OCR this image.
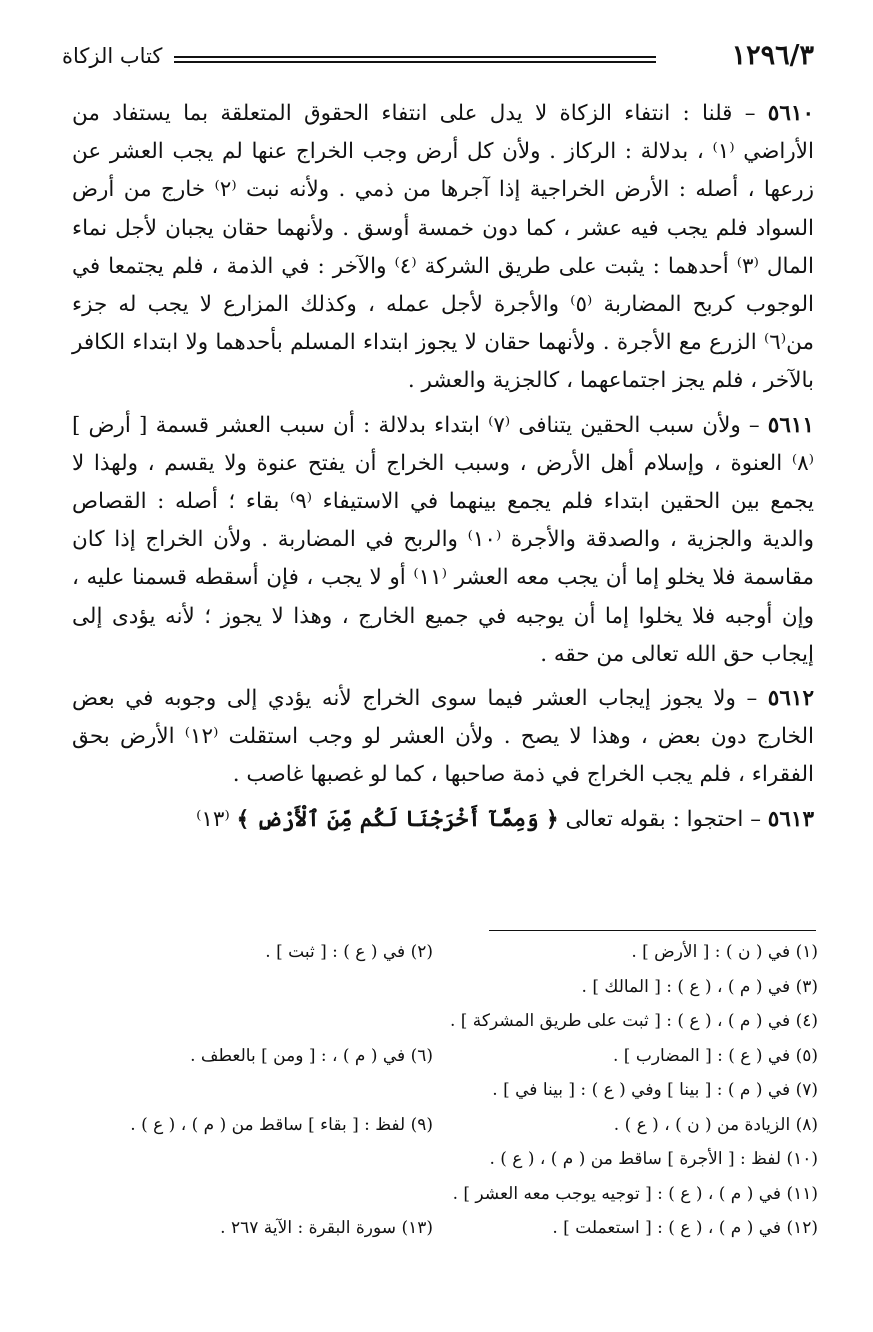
١٢٩٦/٣
كتاب الزكاة

٥٦١٠ – قلنا : انتفاء الزكاة لا يدل على انتفاء الحقوق المتعلقة بما يستفاد من الأراضي ⁽١⁾ ، بدلالة : الركاز . ولأن كل أرض وجب الخراج عنها لم يجب العشر عن زرعها ، أصله : الأرض الخراجية إذا آجرها من ذمي . ولأنه نبت ⁽٢⁾ خارج من أرض السواد فلم يجب فيه عشر ، كما دون خمسة أوسق . ولأنهما حقان يجبان لأجل نماء المال ⁽٣⁾ أحدهما : يثبت على طريق الشركة ⁽٤⁾ والآخر : في الذمة ، فلم يجتمعا في الوجوب كربح المضاربة ⁽٥⁾ والأجرة لأجل عمله ، وكذلك المزارع لا يجب له جزء من⁽٦⁾ الزرع مع الأجرة . ولأنهما حقان لا يجوز ابتداء المسلم بأحدهما ولا ابتداء الكافر بالآخر ، فلم يجز اجتماعهما ، كالجزية والعشر .

٥٦١١ – ولأن سبب الحقين يتنافى ⁽٧⁾ ابتداء بدلالة : أن سبب العشر قسمة [ أرض ] ⁽٨⁾ العنوة ، وإسلام أهل الأرض ، وسبب الخراج أن يفتح عنوة ولا يقسم ، ولهذا لا يجمع بين الحقين ابتداء فلم يجمع بينهما في الاستيفاء ⁽٩⁾ بقاء ؛ أصله : القصاص والدية والجزية ، والصدقة والأجرة ⁽١٠⁾ والربح في المضاربة . ولأن الخراج إذا كان مقاسمة فلا يخلو إما أن يجب معه العشر ⁽١١⁾ أو لا يجب ، فإن أسقطه قسمنا عليه ، وإن أوجبه فلا يخلوا إما أن يوجبه في جميع الخارج ، وهذا لا يجوز ؛ لأنه يؤدى إلى إيجاب حق الله تعالى من حقه .

٥٦١٢ – ولا يجوز إيجاب العشر فيما سوى الخراج لأنه يؤدي إلى وجوبه في بعض الخارج دون بعض ، وهذا لا يصح . ولأن العشر لو وجب استقلت ⁽١٢⁾ الأرض بحق الفقراء ، فلم يجب الخراج في ذمة صاحبها ، كما لو غصبها غاصب .

٥٦١٣ – احتجوا : بقوله تعالى ﴿ وَمِمَّآ أَخْرَجْنَا لَكُم مِّنَ ٱلْأَرْضِ ﴾ ⁽١٣⁾

(١) في ( ن ) : [ الأرض ] .
(٢) في ( ع ) : [ ثبت ] .
(٣) في ( م ) ، ( ع ) : [ المالك ] .
(٤) في ( م ) ، ( ع ) : [ ثبت على طريق المشركة ] .
(٥) في ( ع ) : [ المضارب ] .
(٦) في ( م ) ، : [ ومن ] بالعطف .
(٧) في ( م ) : [ بينا ] وفي ( ع ) : [ بينا في ] .
(٨) الزيادة من ( ن ) ، ( ع ) .
(٩) لفظ : [ بقاء ] ساقط من ( م ) ، ( ع ) .
(١٠) لفظ : [ الأجرة ] ساقط من ( م ) ، ( ع ) .
(١١) في ( م ) ، ( ع ) : [ توجيه يوجب معه العشر ] .
(١٢) في ( م ) ، ( ع ) : [ استعملت ] .
(١٣) سورة البقرة : الآية ٢٦٧ .
